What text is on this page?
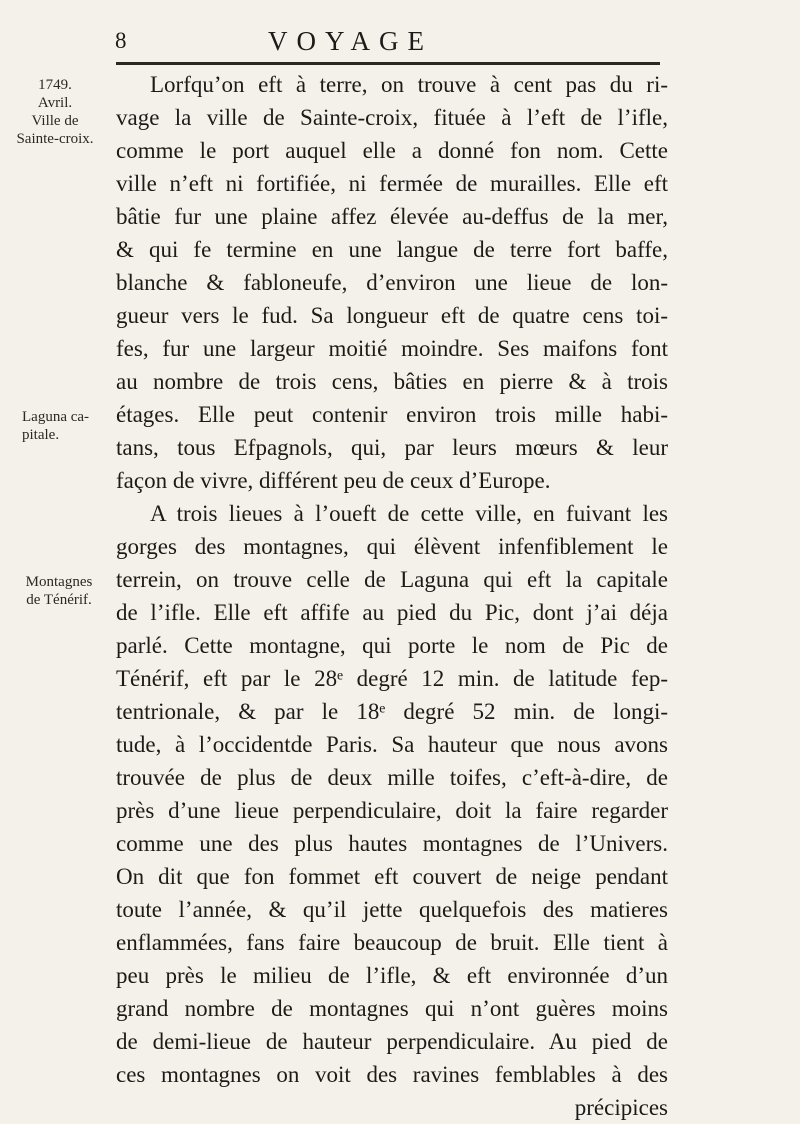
8	VOYAGE
1749.
Avril.
Ville de
Sainte-croix.
Laguna ca-
pitale.
Montagnes
de Ténérif.
Lorfqu’on eft à terre, on trouve à cent pas du ri-
vage la ville de Sainte-croix, fituée à l’eft de l’ifle,
comme le port auquel elle a donné fon nom. Cette
ville n’eft ni fortifiée, ni fermée de murailles. Elle eft
bâtie fur une plaine affez élevée au-deffus de la mer,
& qui fe termine en une langue de terre fort baffe,
blanche & fabloneufe, d’environ une lieue de lon-
gueur vers le fud. Sa longueur eft de quatre cens toi-
fes, fur une largeur moitié moindre. Ses maifons font
au nombre de trois cens, bâties en pierre & à trois
étages. Elle peut contenir environ trois mille habi-
tans, tous Efpagnols, qui, par leurs mœurs & leur
façon de vivre, différent peu de ceux d’Europe.
A trois lieues à l’oueft de cette ville, en fuivant les
gorges des montagnes, qui élèvent infenfiblement le
terrein, on trouve celle de Laguna qui eft la capitale
de l’ifle. Elle eft affife au pied du Pic, dont j’ai déja
parlé. Cette montagne, qui porte le nom de Pic de
Ténérif, eft par le 28ᵉ degré 12 min. de latitude fep-
tentrionale, & par le 18ᵉ degré 52 min. de longi-
tude, à l’occidentde Paris. Sa hauteur que nous avons
trouvée de plus de deux mille toifes, c’eft-à-dire, de
près d’une lieue perpendiculaire, doit la faire regarder
comme une des plus hautes montagnes de l’Univers.
On dit que fon fommet eft couvert de neige pendant
toute l’année, & qu’il jette quelquefois des matieres
enflammées, fans faire beaucoup de bruit. Elle tient à
peu près le milieu de l’ifle, & eft environnée d’un
grand nombre de montagnes qui n’ont guères moins
de demi-lieue de hauteur perpendiculaire. Au pied de
ces montagnes on voit des ravines femblables à des
précipices
